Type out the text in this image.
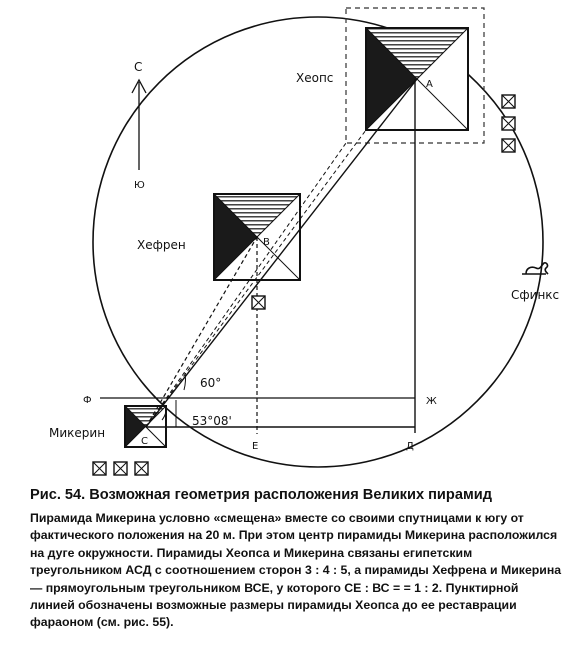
С
Ю
Хеопс
Хефрен
Микерин
Сфинкс
А
В
С	Д
Е
Ф	Ж
60°
53°08'

Рис. 54. Возможная геометрия расположения Великих пирамид

Пирамида Микерина условно «смещена» вместе со своими спутницами к югу от фактического положения на 20 м. При этом центр пирамиды Микерина расположился на дуге окружности. Пирамиды Хеопса и Микерина связаны египетским треугольником АСД с соотношением сторон 3 : 4 : 5, а пирамиды Хефрена и Микерина — прямоугольным треугольником ВСЕ, у которого СЕ : ВС = = 1 : 2. Пунктирной линией обозначены возможные размеры пирамиды Хеопса до ее реставрации фараоном (см. рис. 55).
